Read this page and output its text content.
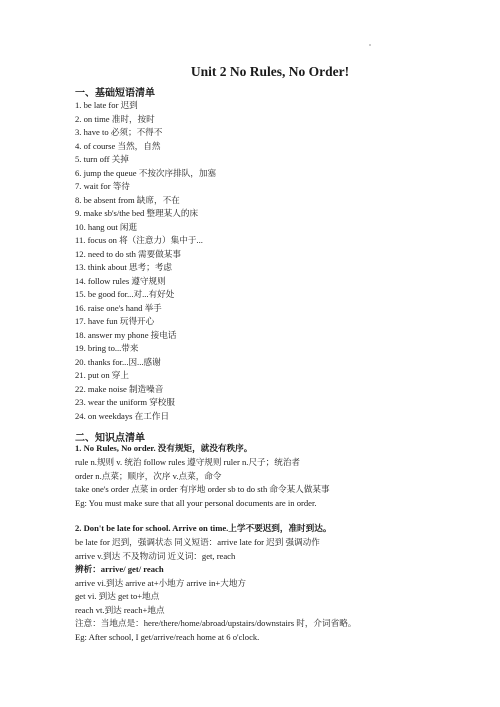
Unit 2 No Rules, No Order!
一、基础短语清单
1. be late for 迟到
2. on time 准时，按时
3. have to 必须；不得不
4. of course 当然，自然
5. turn off 关掉
6. jump the queue 不按次序排队，加塞
7. wait for 等待
8. be absent from 缺席，不在
9. make sb's/the bed 整理某人的床
10. hang out 闲逛
11. focus on 将（注意力）集中于...
12. need to do sth 需要做某事
13. think about 思考；考虑
14. follow rules 遵守规则
15. be good for...对...有好处
16. raise one's hand 举手
17. have fun 玩得开心
18. answer my phone 接电话
19. bring to...带来
20. thanks for...因...感谢
21. put on 穿上
22. make noise 制造噪音
23. wear the uniform 穿校服
24. on weekdays 在工作日
二、知识点清单
1. No Rules, No order. 没有规矩，就没有秩序。
rule n.规则 v. 统治 follow rules 遵守规则 ruler n.尺子；统治者
order n.点菜；顺序，次序 v.点菜，命令
take one's order 点菜 in order 有序地 order sb to do sth 命令某人做某事
Eg: You must make sure that all your personal documents are in order.
2. Don't be late for school. Arrive on time.上学不要迟到，准时到达。
be late for 迟到，强调状态 同义短语：arrive late for 迟到 强调动作
arrive v.到达 不及物动词 近义词：get, reach
辨析：arrive/ get/ reach
arrive vi.到达 arrive at+小地方 arrive in+大地方
get vi. 到达 get to+地点
reach vt.到达 reach+地点
注意：当地点是：here/there/home/abroad/upstairs/downstairs 时，介词省略。
Eg: After school, I get/arrive/reach home at 6 o'clock.
